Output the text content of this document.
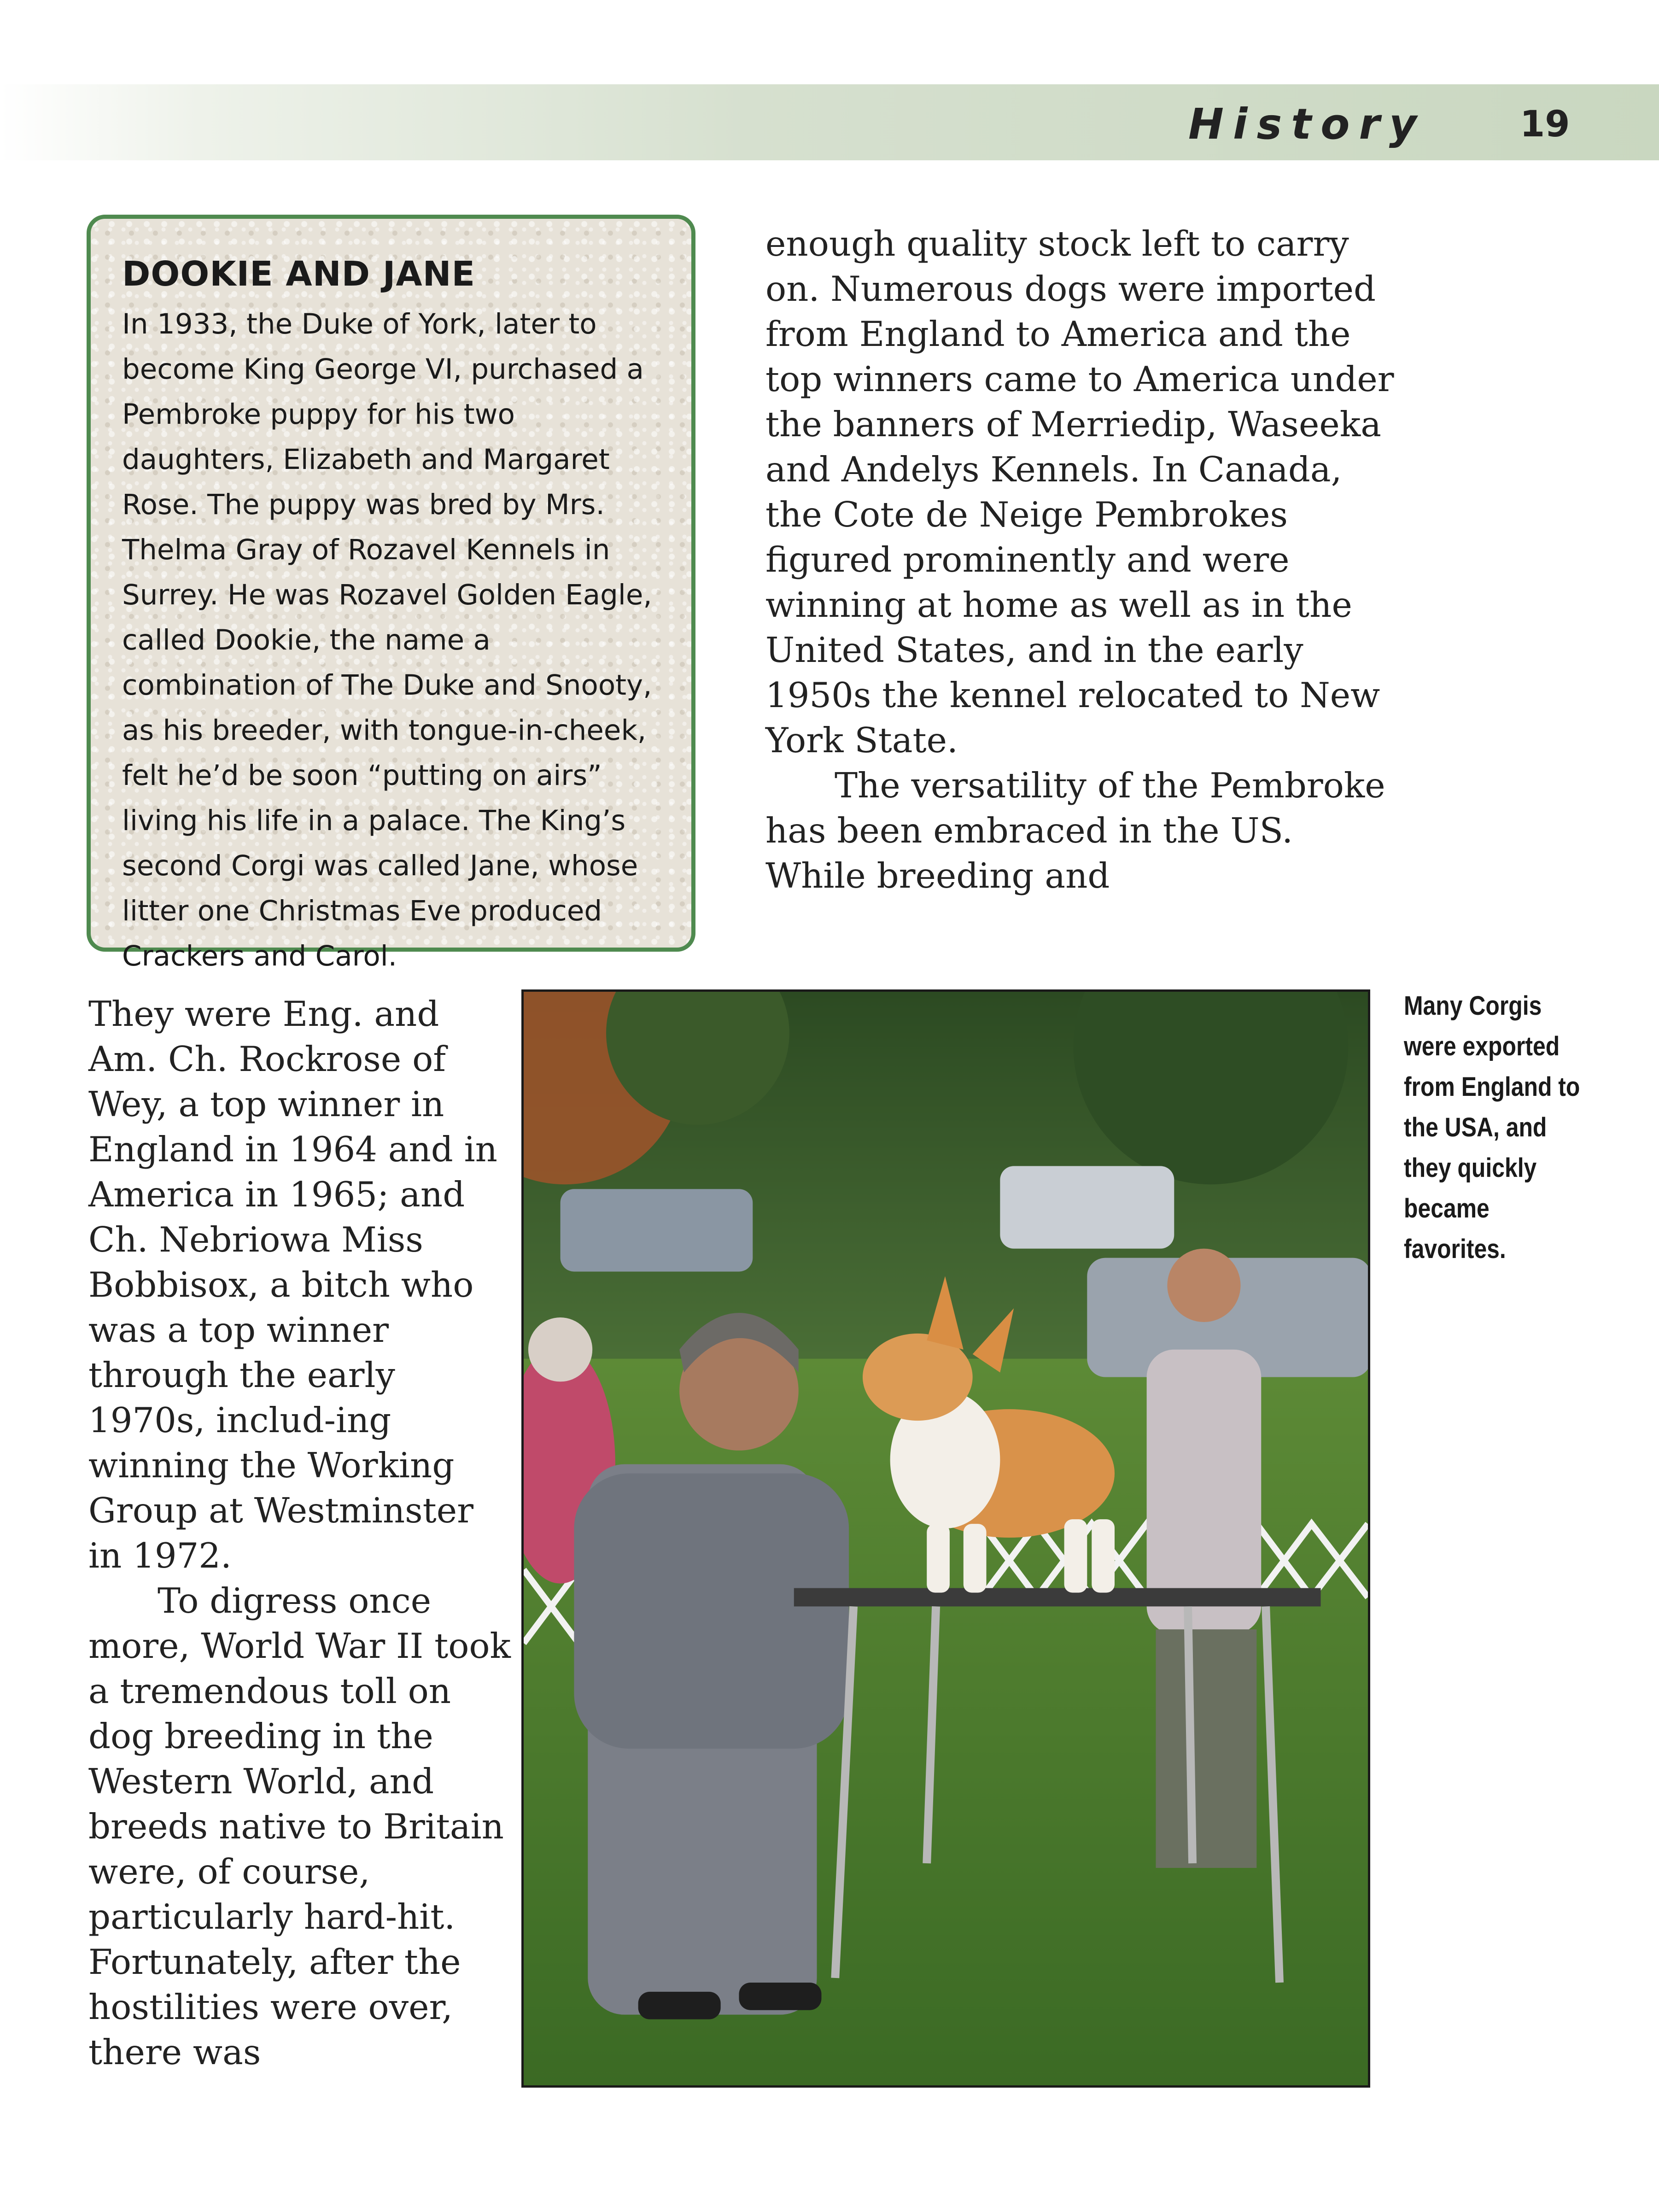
History	19
DOOKIE AND JANE

In 1933, the Duke of York, later to become King George VI, purchased a Pembroke puppy for his two daughters, Elizabeth and Margaret Rose. The puppy was bred by Mrs. Thelma Gray of Rozavel Kennels in Surrey. He was Rozavel Golden Eagle, called Dookie, the name a combination of The Duke and Snooty, as his breeder, with tongue-in-cheek, felt he’d be soon “putting on airs” living his life in a palace. The King’s second Corgi was called Jane, whose litter one Christmas Eve produced Crackers and Carol.

enough quality stock left to carry on. Numerous dogs were imported from England to America and the top winners came to America under the banners of Merriedip, Waseeka and Andelys Kennels. In Canada, the Cote de Neige Pembrokes figured prominently and were winning at home as well as in the United States, and in the early 1950s the kennel relocated to New York State.

The versatility of the Pembroke has been embraced in the US. While breeding and

They were Eng. and Am. Ch. Rockrose of Wey, a top winner in England in 1964 and in America in 1965; and Ch. Nebriowa Miss Bobbisox, a bitch who was a top winner through the early 1970s, includ-ing winning the Working Group at Westminster in 1972.

To digress once more, World War II took a tremendous toll on dog breeding in the Western World, and breeds native to Britain were, of course, particularly hard-hit. Fortunately, after the hostilities were over, there was

Many Corgis were exported from England to the USA, and they quickly became favorites.
